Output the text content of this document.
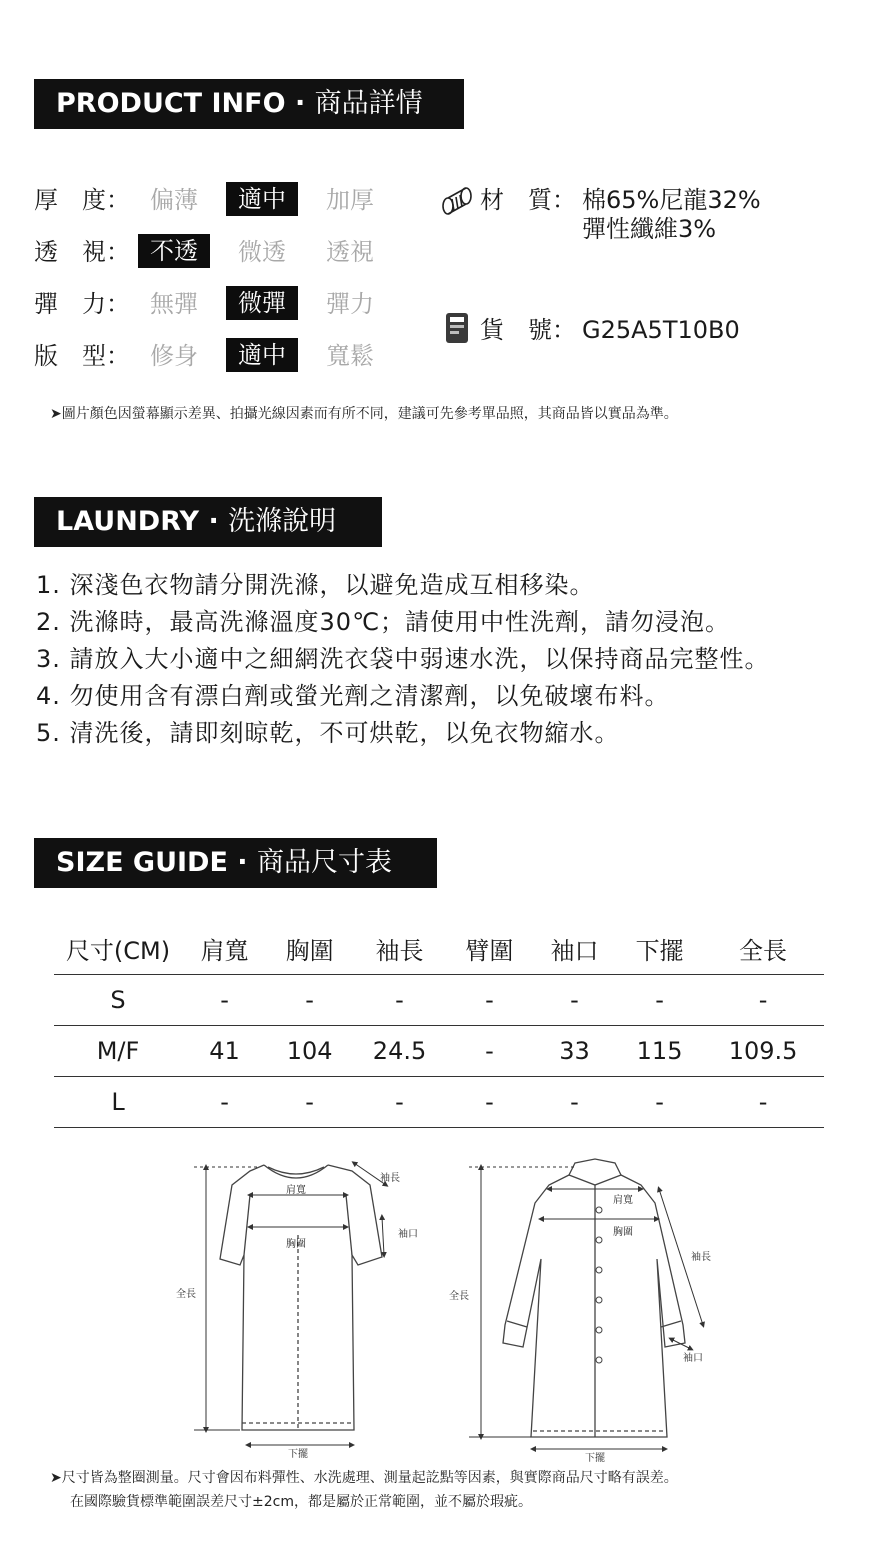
PRODUCT INFO · 商品詳情
厚　度： 偏薄	適中	加厚
透　視： 不透	微透	透視
彈　力： 無彈	微彈	彈力
版　型： 修身	適中	寬鬆
材　質： 棉65%尼龍32%
彈性纖維3%
貨　號： G25A5T10B0
➤圖片顏色因螢幕顯示差異、拍攝光線因素而有所不同，建議可先參考單品照，其商品皆以實品為準。
LAUNDRY · 洗滌說明
1. 深淺色衣物請分開洗滌，以避免造成互相移染。
2. 洗滌時，最高洗滌溫度30℃；請使用中性洗劑，請勿浸泡。
3. 請放入大小適中之細網洗衣袋中弱速水洗，以保持商品完整性。
4. 勿使用含有漂白劑或螢光劑之清潔劑，以免破壞布料。
5. 清洗後，請即刻晾乾，不可烘乾，以免衣物縮水。
SIZE GUIDE · 商品尺寸表
尺寸(CM)	肩寬	胸圍	袖長	臂圍	袖口	下擺	全長
S	-	-	-	-	-	-	-
M/F	41	104	24.5	-	33	115	109.5
L	-	-	-	-	-	-	-
袖長
肩寬
胸圍
袖口
全長
下擺
肩寬
胸圍
袖長
袖口
全長
下擺
➤尺寸皆為整圈測量。尺寸會因布料彈性、水洗處理、測量起訖點等因素，與實際商品尺寸略有誤差。
在國際驗貨標準範圍誤差尺寸±2cm，都是屬於正常範圍，並不屬於瑕疵。
